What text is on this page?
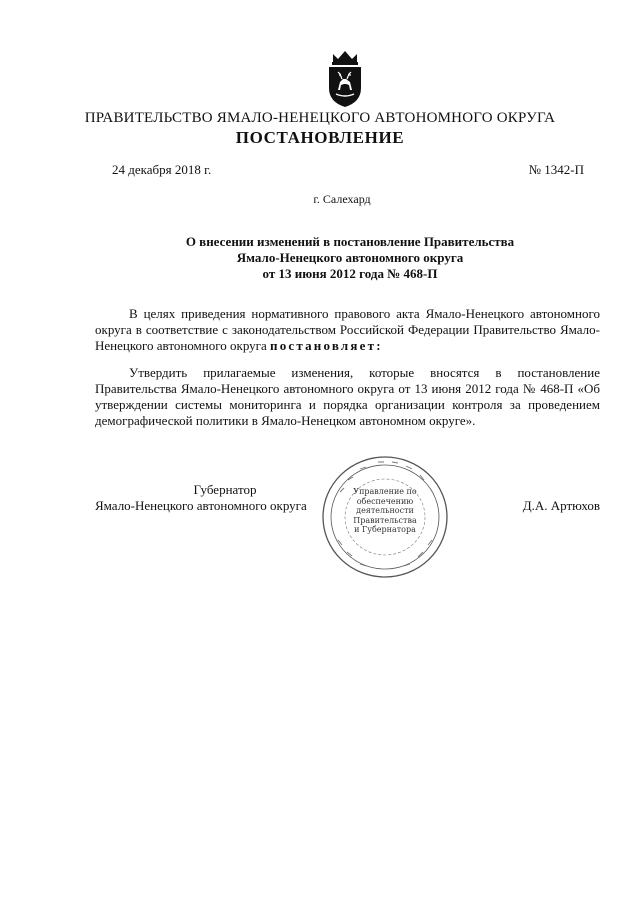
ПРАВИТЕЛЬСТВО ЯМАЛО-НЕНЕЦКОГО АВТОНОМНОГО ОКРУГА
ПОСТАНОВЛЕНИЕ
24 декабря 2018 г.	№ 1342-П
г. Салехард
О внесении изменений в постановление Правительства
Ямало-Ненецкого автономного округа
от 13 июня 2012 года № 468-П

В целях приведения нормативного правового акта Ямало-Ненецкого автономного округа в соответствие с законодательством Российской Федерации Правительство Ямало-Ненецкого автономного округа постановляет:

Утвердить прилагаемые изменения, которые вносятся в постановление Правительства Ямало-Ненецкого автономного округа от 13 июня 2012 года № 468-П «Об утверждении системы мониторинга и порядка организации контроля за проведением демографической политики в Ямало-Ненецком автономном округе».

Управление по
обеспечению
деятельности
Правительства
и Губернатора
Губернатор
Ямало-Ненецкого автономного округа	Д.А. Артюхов
